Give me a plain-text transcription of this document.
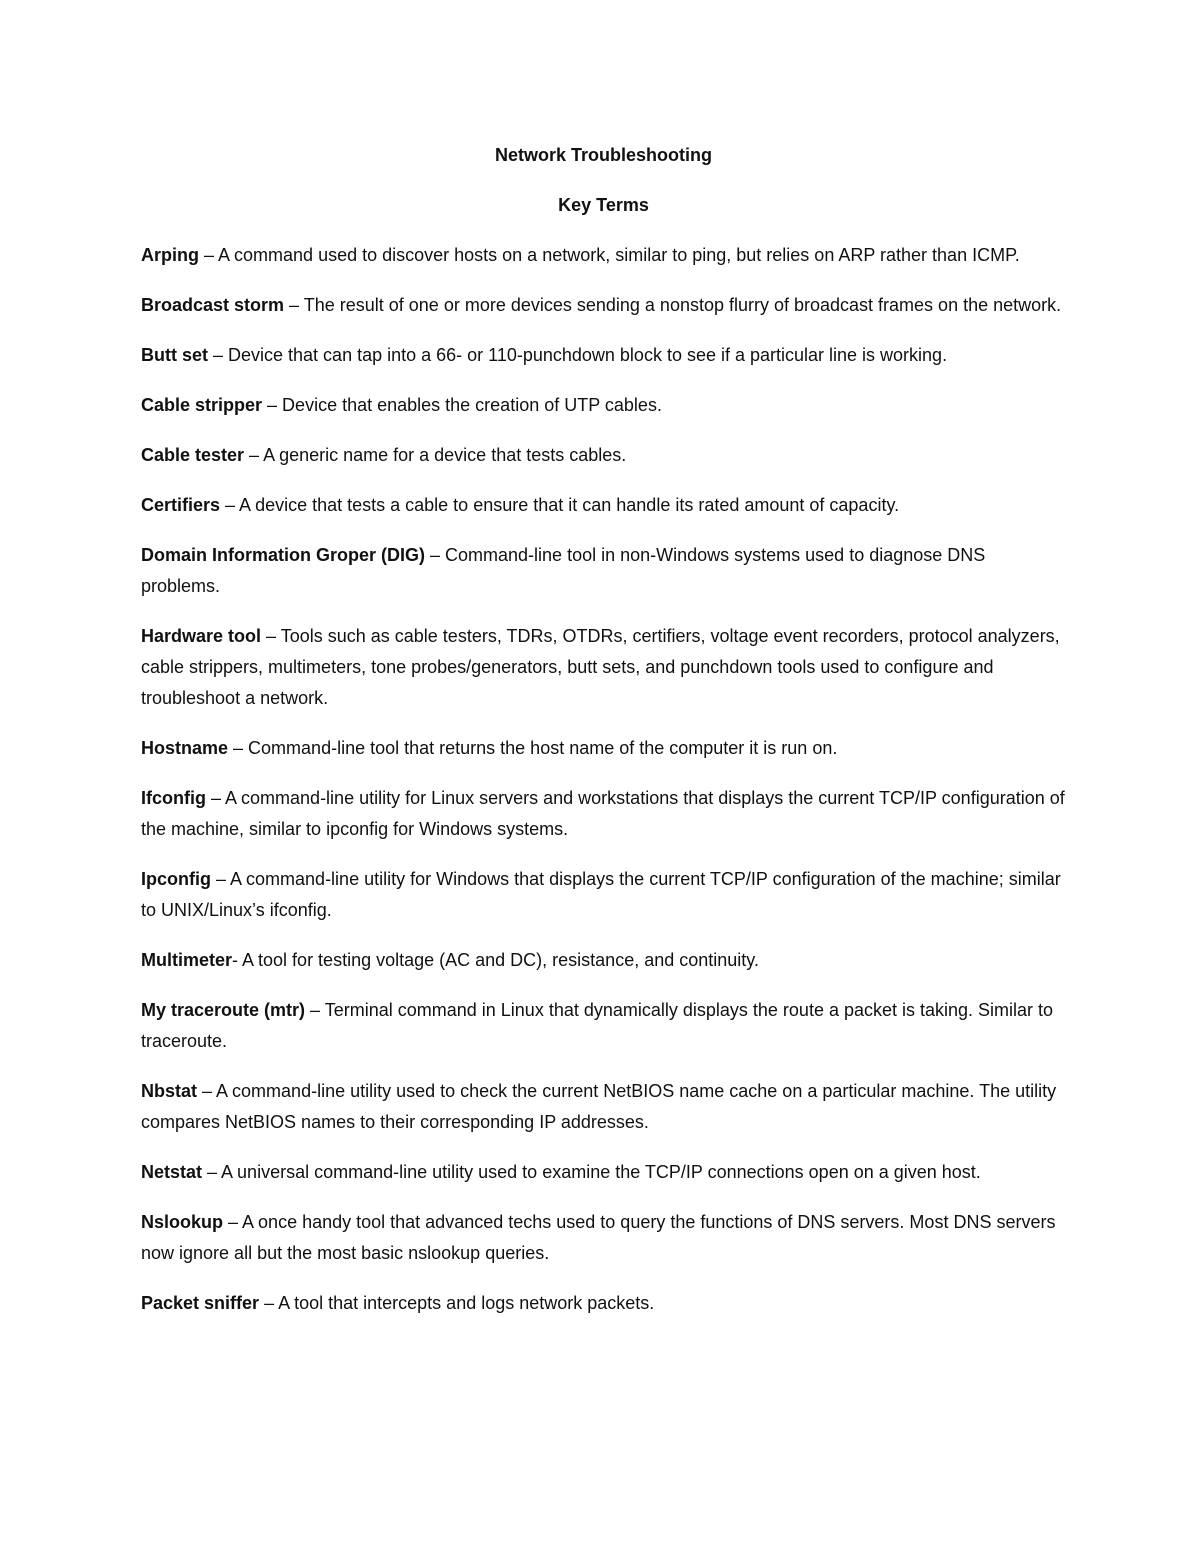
Network Troubleshooting

Key Terms

Arping – A command used to discover hosts on a network, similar to ping, but relies on ARP rather than ICMP.

Broadcast storm – The result of one or more devices sending a nonstop flurry of broadcast frames on the network.

Butt set – Device that can tap into a 66- or 110-punchdown block to see if a particular line is working.

Cable stripper – Device that enables the creation of UTP cables.

Cable tester – A generic name for a device that tests cables.

Certifiers – A device that tests a cable to ensure that it can handle its rated amount of capacity.

Domain Information Groper (DIG) – Command-line tool in non-Windows systems used to diagnose DNS problems.

Hardware tool – Tools such as cable testers, TDRs, OTDRs, certifiers, voltage event recorders, protocol analyzers, cable strippers, multimeters, tone probes/generators, butt sets, and punchdown tools used to configure and troubleshoot a network.

Hostname – Command-line tool that returns the host name of the computer it is run on.

Ifconfig – A command-line utility for Linux servers and workstations that displays the current TCP/IP configuration of the machine, similar to ipconfig for Windows systems.

Ipconfig – A command-line utility for Windows that displays the current TCP/IP configuration of the machine; similar to UNIX/Linux’s ifconfig.

Multimeter- A tool for testing voltage (AC and DC), resistance, and continuity.

My traceroute (mtr) – Terminal command in Linux that dynamically displays the route a packet is taking. Similar to traceroute.

Nbstat – A command-line utility used to check the current NetBIOS name cache on a particular machine. The utility compares NetBIOS names to their corresponding IP addresses.

Netstat – A universal command-line utility used to examine the TCP/IP connections open on a given host.

Nslookup – A once handy tool that advanced techs used to query the functions of DNS servers. Most DNS servers now ignore all but the most basic nslookup queries.

Packet sniffer – A tool that intercepts and logs network packets.
